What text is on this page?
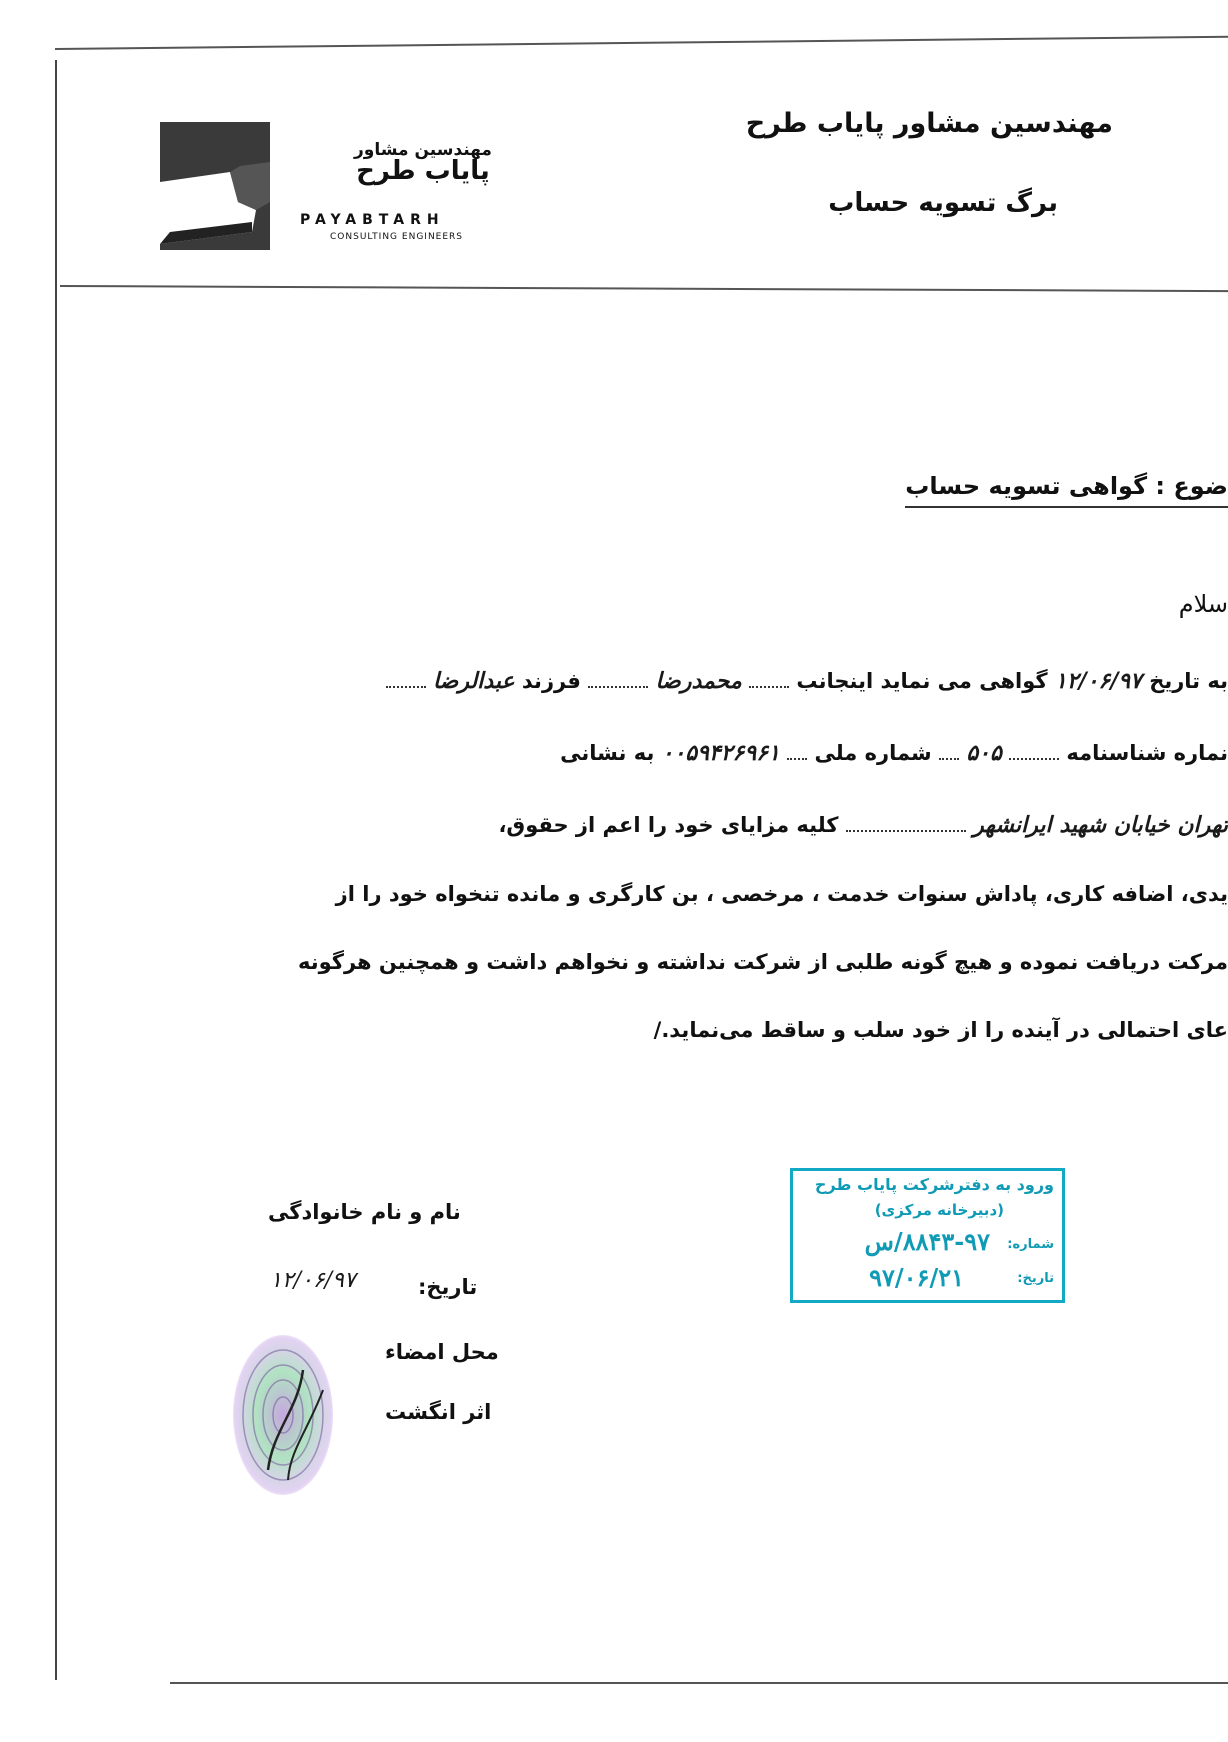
مهندسین مشاور پایاب طرح
برگ تسویه حساب
مهندسین مشاور
پایاب طرح
PAYABTARH
CONSULTING ENGINEERS
ضوع : گواهی تسویه حساب
سلام
به تاریخ ۱۲/۰۶/۹۷ گواهی می نماید اینجانب  محمدرضا  فرزند عبدالرضا
نماره شناسنامه  ۵۰۵  شماره ملی  ۰۰۵۹۴۲۶۹۶۱ به نشانی
تهران خیابان شهید ایرانشهر  کلیه مزایای خود را اعم از حقوق،
یدی، اضافه کاری، پاداش سنوات خدمت ، مرخصی ، بن کارگری و مانده تنخواه خود را از
مرکت دریافت نموده و هیچ گونه طلبی از شرکت نداشته و نخواهم داشت و همچنین هرگونه
عای احتمالی در آینده را از خود سلب و ساقط می‌نماید./
ورود به دفترشرکت پایاب طرح
(دبیرخانه مرکزی)
شماره:
۸۸۴۳-۹۷/س
تاریخ:
۹۷/۰۶/۲۱
نام و نام خانوادگی
تاریخ:
۱۲/۰۶/۹۷
محل امضاء
اثر انگشت
